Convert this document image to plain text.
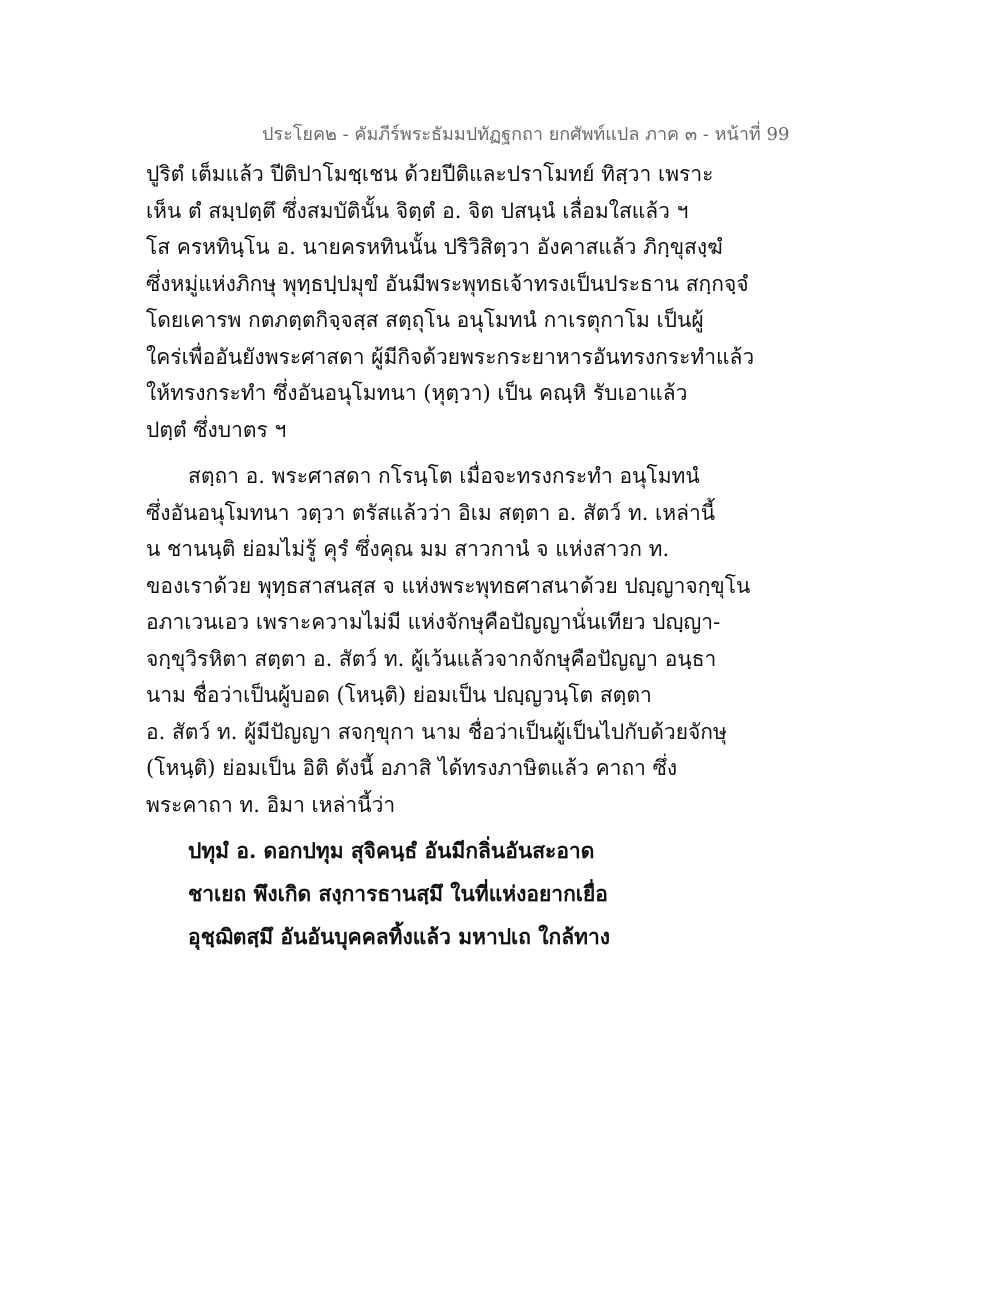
ประโยค๒ - คัมภีร์พระธัมมปทัฏฐกถา ยกศัพท์แปล ภาค ๓ - หน้าที่ 99
ปูริตํ เต็มแล้ว ปีติปาโมชฺเชน ด้วยปีติและปราโมทย์ ทิสฺวา เพราะ
เห็น ตํ สมฺปตฺตึ ซึ่งสมบัตินั้น จิตฺตํ อ. จิต ปสนฺนํ เลื่อมใสแล้ว ฯ
โส ครหทินฺโน อ. นายครหทินนั้น ปริวิสิตฺวา อังคาสแล้ว ภิกฺขุสงฺฆํ
ซึ่งหมู่แห่งภิกษุ พุทฺธปฺปมุขํ อันมีพระพุทธเจ้าทรงเป็นประธาน สกฺกจฺจํ
โดยเคารพ กตภตฺตกิจฺจสฺส สตฺถุโน อนุโมทนํ กาเรตุกาโม เป็นผู้
ใคร่เพื่ออันยังพระศาสดา ผู้มีกิจด้วยพระกระยาหารอันทรงกระทำแล้ว
ให้ทรงกระทำ ซึ่งอันอนุโมทนา (หุตฺวา) เป็น คณฺหิ รับเอาแล้ว
ปตฺตํ ซึ่งบาตร ฯ
สตฺถา อ. พระศาสดา กโรนฺโต เมื่อจะทรงกระทำ อนุโมทนํ
ซึ่งอันอนุโมทนา วตฺวา ตรัสแล้วว่า อิเม สตฺตา อ. สัตว์ ท. เหล่านี้
น ชานนฺติ ย่อมไม่รู้ คุรํ ซึ่งคุณ มม สาวกานํ จ แห่งสาวก ท.
ของเราด้วย พุทฺธสาสนสฺส จ แห่งพระพุทธศาสนาด้วย ปญฺญาจกฺขุโน
อภาเวนเอว เพราะความไม่มี แห่งจักษุคือปัญญานั่นเทียว ปญฺญา-
จกฺขุวิรหิตา สตฺตา อ. สัตว์ ท. ผู้เว้นแล้วจากจักษุคือปัญญา อนฺธา
นาม ชื่อว่าเป็นผู้บอด (โหนฺติ) ย่อมเป็น ปญฺญวนฺโต สตฺตา
อ. สัตว์ ท. ผู้มีปัญญา สจกฺขุกา นาม ชื่อว่าเป็นผู้เป็นไปกับด้วยจักษุ
(โหนฺติ) ย่อมเป็น อิติ ดังนี้ อภาสิ ได้ทรงภาษิตแล้ว คาถา ซึ่ง
พระคาถา ท. อิมา เหล่านี้ว่า
ปทุมํ อ. ดอกปทุม สุจิคนฺธํ อันมีกลิ่นอันสะอาด
ชาเยถ พึงเกิด สงฺการธานสฺมึ ในที่แห่งอยากเยื่อ
อุชฺฌิตสฺมึ อันอันบุคคลทิ้งแล้ว มหาปเถ ใกล้ทาง
